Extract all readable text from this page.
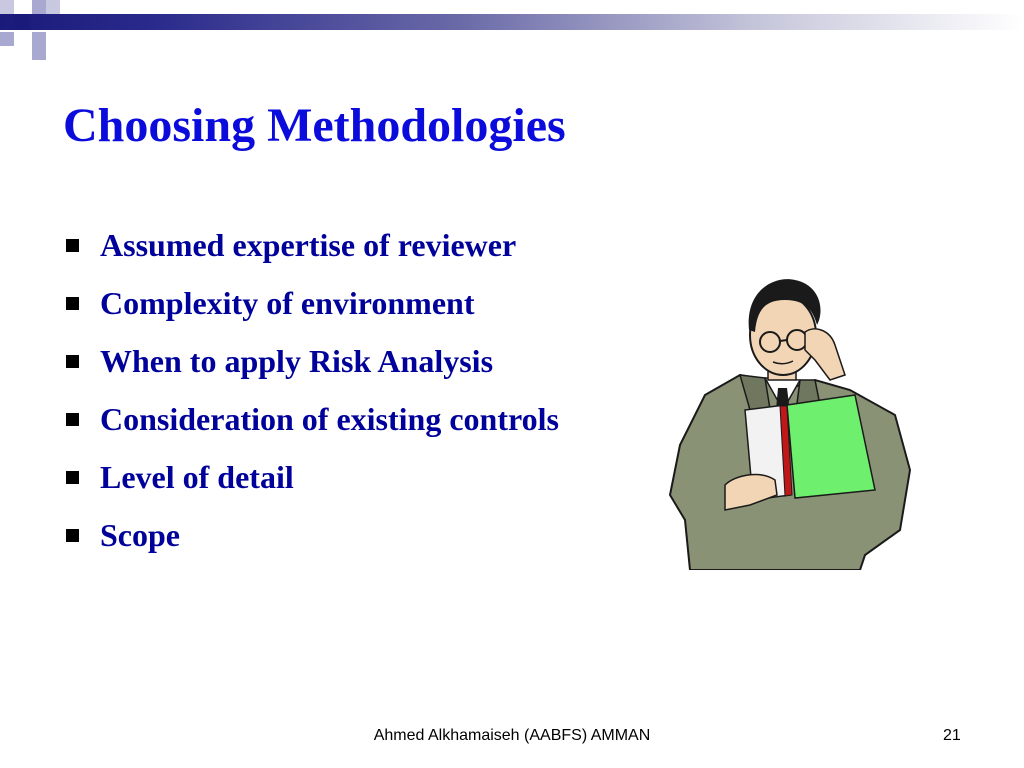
Choosing Methodologies
Assumed expertise of reviewer
Complexity of environment
When to apply Risk Analysis
Consideration of existing controls
Level of detail
Scope
Ahmed Alkhamaiseh (AABFS) AMMAN	21
